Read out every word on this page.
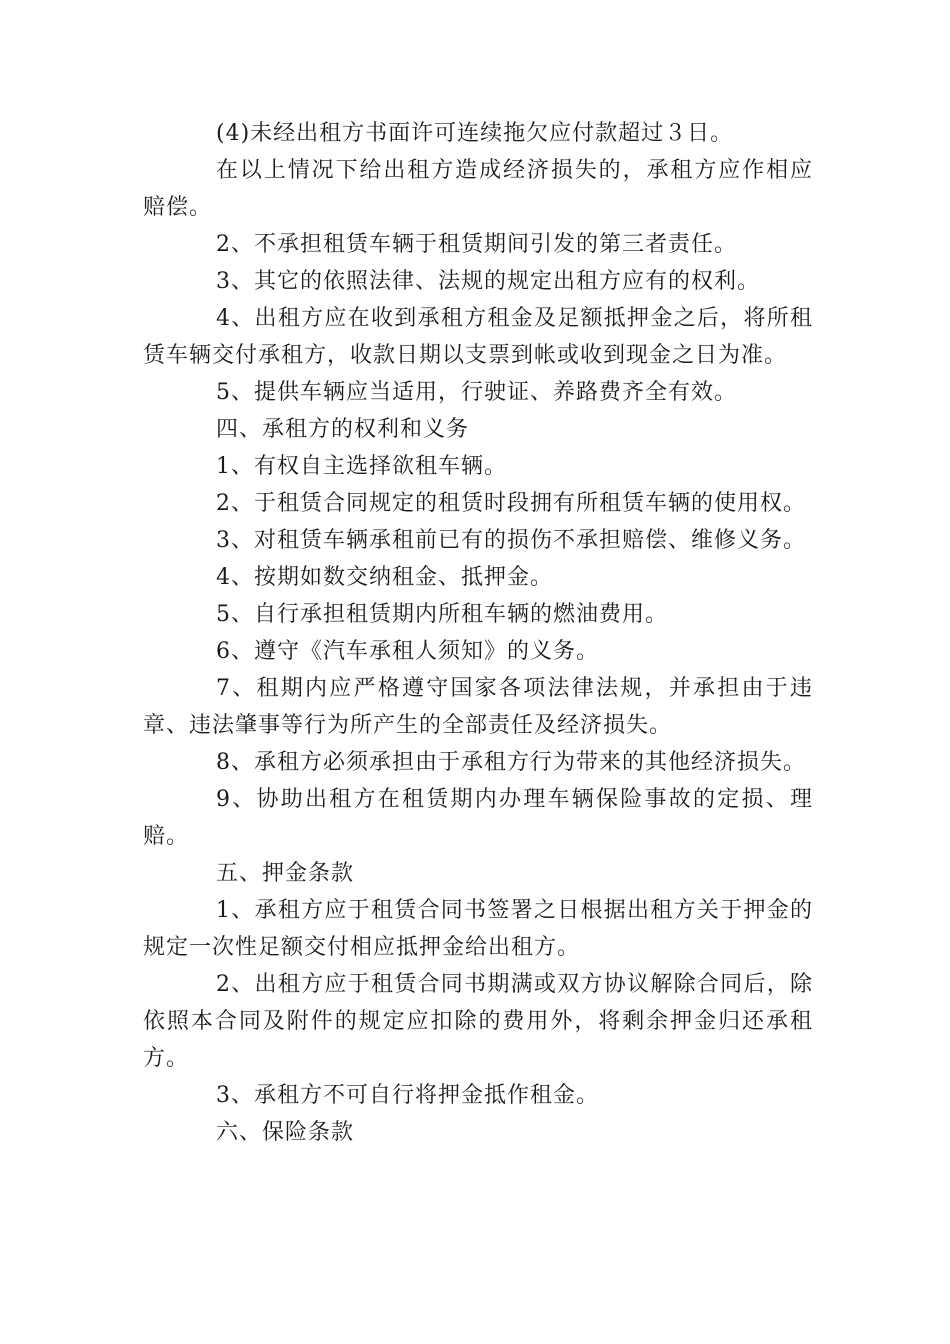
(4)未经出租方书面许可连续拖欠应付款超过３日。

在以上情况下给出租方造成经济损失的，承租方应作相应赔偿。

2、不承担租赁车辆于租赁期间引发的第三者责任。

3、其它的依照法律、法规的规定出租方应有的权利。

4、出租方应在收到承租方租金及足额抵押金之后，将所租赁车辆交付承租方，收款日期以支票到帐或收到现金之日为准。

5、提供车辆应当适用，行驶证、养路费齐全有效。

四、承租方的权利和义务

1、有权自主选择欲租车辆。

2、于租赁合同规定的租赁时段拥有所租赁车辆的使用权。

3、对租赁车辆承租前已有的损伤不承担赔偿、维修义务。

4、按期如数交纳租金、抵押金。

5、自行承担租赁期内所租车辆的燃油费用。

6、遵守《汽车承租人须知》的义务。

7、租期内应严格遵守国家各项法律法规，并承担由于违章、违法肇事等行为所产生的全部责任及经济损失。

8、承租方必须承担由于承租方行为带来的其他经济损失。

9、协助出租方在租赁期内办理车辆保险事故的定损、理赔。

五、押金条款

1、承租方应于租赁合同书签署之日根据出租方关于押金的规定一次性足额交付相应抵押金给出租方。

2、出租方应于租赁合同书期满或双方协议解除合同后，除依照本合同及附件的规定应扣除的费用外，将剩余押金归还承租方。

3、承租方不可自行将押金抵作租金。

六、保险条款
